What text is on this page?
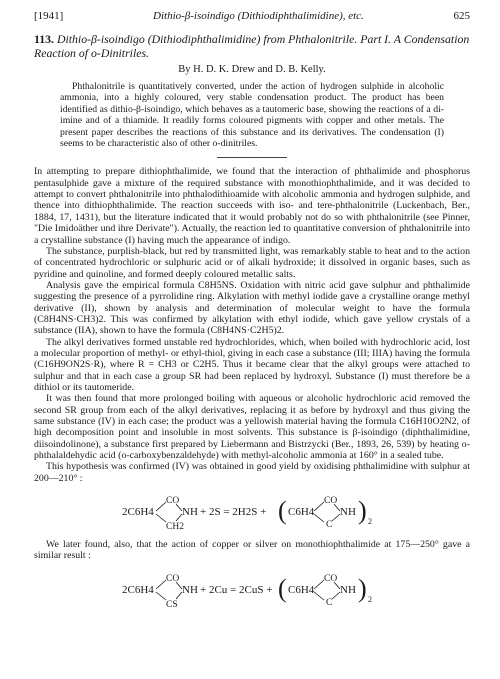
[1941]	Dithio-β-isoindigo (Dithiodiphthalimidine), etc.	625

113. Dithio-β-isoindigo (Dithiodiphthalimidine) from Phthalonitrile. Part I. A Condensation Reaction of o-Dinitriles.

By H. D. K. Drew and D. B. Kelly.

Phthalonitrile is quantitatively converted, under the action of hydrogen sulphide in alcoholic ammonia, into a highly coloured, very stable condensation product. The product has been identified as dithio-β-isoindigo, which behaves as a tautomeric base, showing the reactions of a di-imine and of a thiamide. It readily forms coloured pigments with copper and other metals. The present paper describes the reactions of this substance and its derivatives. The condensation (I) seems to be characteristic also of other o-dinitriles.

In attempting to prepare dithiophthalimide, we found that the interaction of phthalimide and phosphorus pentasulphide gave a mixture of the required substance with monothiophthalimide, and it was decided to attempt to convert phthalonitrile into phthalodithioamide with alcoholic ammonia and hydrogen sulphide, and thence into dithiophthalimide. The reaction succeeds with iso- and tere-phthalonitrile (Luckenbach, Ber., 1884, 17, 1431), but the literature indicated that it would probably not do so with phthalonitrile (see Pinner, "Die Imidoäther und ihre Derivate"). Actually, the reaction led to quantitative conversion of phthalonitrile into a crystalline substance (I) having much the appearance of indigo.

The substance, purplish-black, but red by transmitted light, was remarkably stable to heat and to the action of concentrated hydrochloric or sulphuric acid or of alkali hydroxide; it dissolved in organic bases, such as pyridine and quinoline, and formed deeply coloured metallic salts.

Analysis gave the empirical formula C8H5NS. Oxidation with nitric acid gave sulphur and phthalimide suggesting the presence of a pyrrolidine ring. Alkylation with methyl iodide gave a crystalline orange methyl derivative (II), shown by analysis and determination of molecular weight to have the formula (C8H4NS·CH3)2. This was confirmed by alkylation with ethyl iodide, which gave yellow crystals of a substance (IIA), shown to have the formula (C8H4NS·C2H5)2.

The alkyl derivatives formed unstable red hydrochlorides, which, when boiled with hydrochloric acid, lost a molecular proportion of methyl- or ethyl-thiol, giving in each case a substance (III; IIIA) having the formula (C16H9ON2S·R), where R = CH3 or C2H5. Thus it became clear that the alkyl groups were attached to sulphur and that in each case a group SR had been replaced by hydroxyl. Substance (I) must therefore be a dithiol or its tautomeride.

It was then found that more prolonged boiling with aqueous or alcoholic hydrochloric acid removed the second SR group from each of the alkyl derivatives, replacing it as before by hydroxyl and thus giving the same substance (IV) in each case; the product was a yellowish material having the formula C16H10O2N2, of high decomposition point and insoluble in most solvents. This substance is β-isoindigo (diphthalimidine, diisoindolinone), a substance first prepared by Liebermann and Bistrzycki (Ber., 1893, 26, 539) by heating o-phthalaldehydic acid (o-carboxybenzaldehyde) with methyl-alcoholic ammonia at 160° in a sealed tube.

This hypothesis was confirmed (IV) was obtained in good yield by oxidising phthalimidine with sulphur at 200—210° :

2C6H4
CO
CH2
NH + 2S = 2H2S + ( C6H4
CO
C
NH ) 2

We later found, also, that the action of copper or silver on monothiophthalimide at 175—250° gave a similar result :

2C6H4
CO
CS
NH + 2Cu = 2CuS + ( C6H4
CO
C
NH ) 2
